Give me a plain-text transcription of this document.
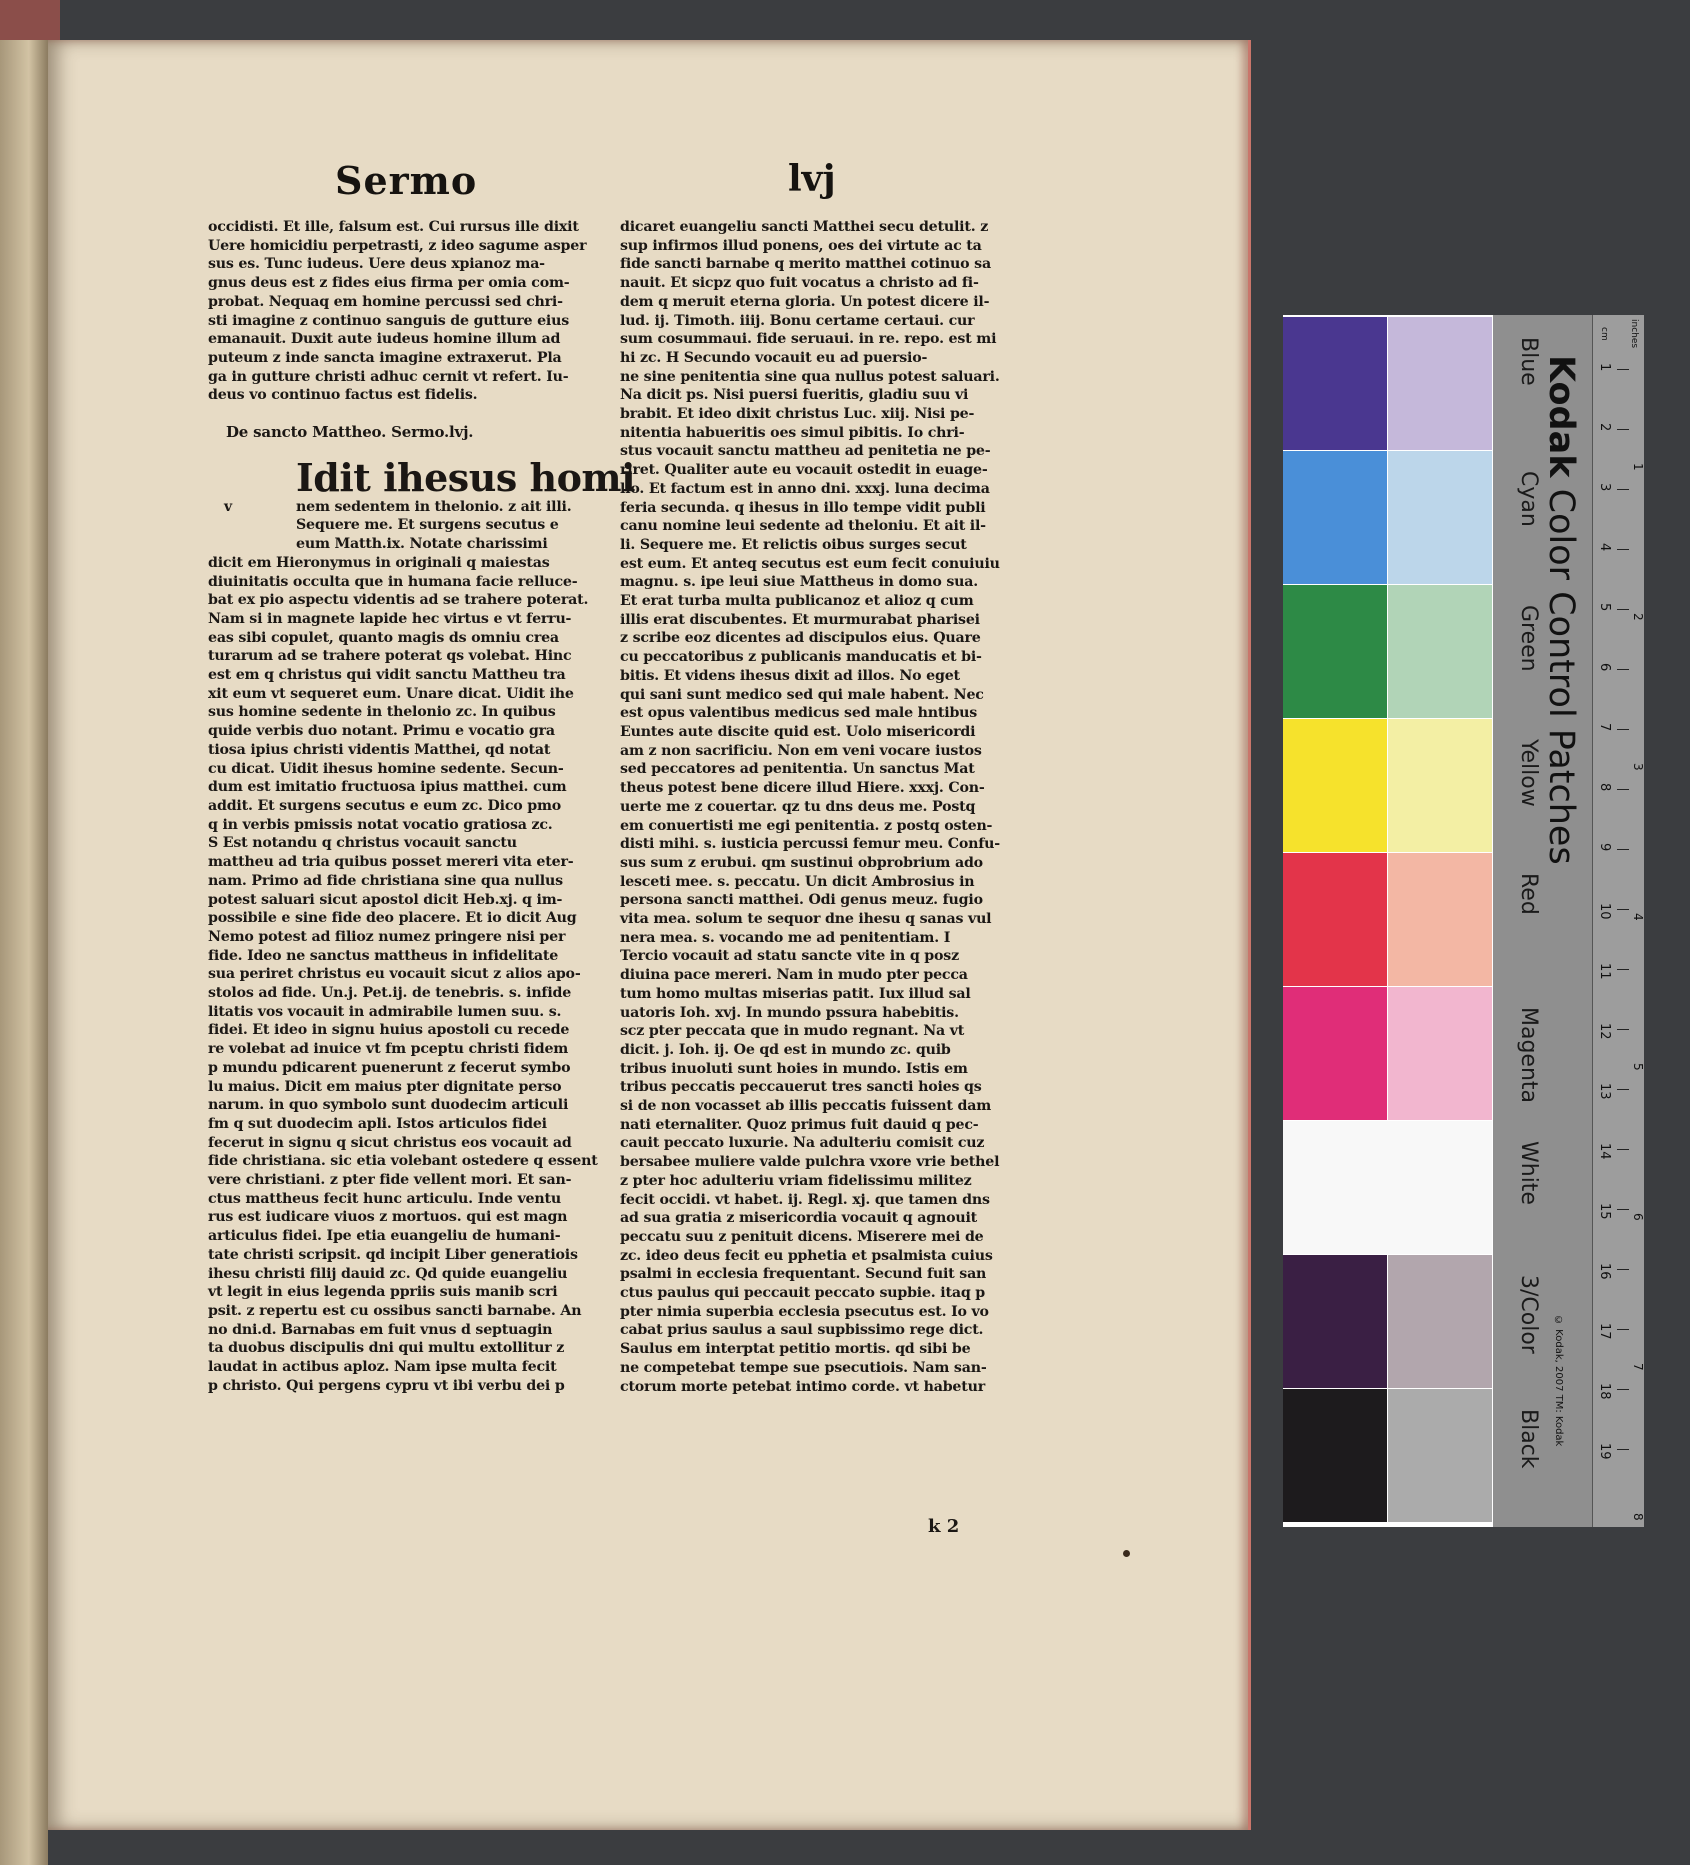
Sermo	lvj

occidisti. Et ille, falsum est. Cui rursus ille dixit

Uere homicidiu perpetrasti, z ideo sagume asper

sus es. Tunc iudeus. Uere deus xpianoz ma-

gnus deus est z fides eius firma per omia com-

probat. Nequaq em homine percussi sed chri-

sti imagine z continuo sanguis de gutture eius

emanauit. Duxit aute iudeus homine illum ad

puteum z inde sancta imagine extraxerut. Pla

ga in gutture christi adhuc cernit vt refert. Iu-

deus vo continuo factus est fidelis.

De sancto Mattheo. Sermo.lvj.

Idit ihesus homi

v	nem sedentem in thelonio. z ait illi.

Sequere me. Et surgens secutus e

eum Matth.ix. Notate charissimi

dicit em Hieronymus in originali q maiestas

diuinitatis occulta que in humana facie relluce-

bat ex pio aspectu videntis ad se trahere poterat.

Nam si in magnete lapide hec virtus e vt ferru-

eas sibi copulet, quanto magis ds omniu crea

turarum ad se trahere poterat qs volebat. Hinc

est em q christus qui vidit sanctu Mattheu tra

xit eum vt sequeret eum. Unare dicat. Uidit ihe

sus homine sedente in thelonio zc. In quibus

quide verbis duo notant. Primu e vocatio gra

tiosa ipius christi videntis Matthei, qd notat

cu dicat. Uidit ihesus homine sedente. Secun-

dum est imitatio fructuosa ipius matthei. cum

addit. Et surgens secutus e eum zc. Dico pmo

q in verbis pmissis notat vocatio gratiosa zc.

S Est notandu q christus vocauit sanctu

mattheu ad tria quibus posset mereri vita eter-

nam. Primo ad fide christiana sine qua nullus

potest saluari sicut apostol dicit Heb.xj. q im-

possibile e sine fide deo placere. Et io dicit Aug

Nemo potest ad filioz numez pringere nisi per

fide. Ideo ne sanctus mattheus in infidelitate

sua periret christus eu vocauit sicut z alios apo-

stolos ad fide. Un.j. Pet.ij. de tenebris. s. infide

litatis vos vocauit in admirabile lumen suu. s.

fidei. Et ideo in signu huius apostoli cu recede

re volebat ad inuice vt fm pceptu christi fidem

p mundu pdicarent puenerunt z fecerut symbo

lu maius. Dicit em maius pter dignitate perso

narum. in quo symbolo sunt duodecim articuli

fm q sut duodecim apli. Istos articulos fidei

fecerut in signu q sicut christus eos vocauit ad

fide christiana. sic etia volebant ostedere q essent

vere christiani. z pter fide vellent mori. Et san-

ctus mattheus fecit hunc articulu. Inde ventu

rus est iudicare viuos z mortuos. qui est magn

articulus fidei. Ipe etia euangeliu de humani-

tate christi scripsit. qd incipit Liber generatiois

ihesu christi filij dauid zc. Qd quide euangeliu

vt legit in eius legenda ppriis suis manib scri

psit. z repertu est cu ossibus sancti barnabe. An

no dni.d. Barnabas em fuit vnus d septuagin

ta duobus discipulis dni qui multu extollitur z

laudat in actibus aploz. Nam ipse multa fecit

p christo. Qui pergens cypru vt ibi verbu dei p

dicaret euangeliu sancti Matthei secu detulit. z

sup infirmos illud ponens, oes dei virtute ac ta

fide sancti barnabe q merito matthei cotinuo sa

nauit. Et sicpz quo fuit vocatus a christo ad fi-

dem q meruit eterna gloria. Un potest dicere il-

lud. ij. Timoth. iiij. Bonu certame certaui. cur

sum cosummaui. fide seruaui. in re. repo. est mi

hi zc. H Secundo vocauit eu ad puersio-

ne sine penitentia sine qua nullus potest saluari.

Na dicit ps. Nisi puersi fueritis, gladiu suu vi

brabit. Et ideo dixit christus Luc. xiij. Nisi pe-

nitentia habueritis oes simul pibitis. Io chri-

stus vocauit sanctu mattheu ad penitetia ne pe-

riret. Qualiter aute eu vocauit ostedit in euage-

lio. Et factum est in anno dni. xxxj. luna decima

feria secunda. q ihesus in illo tempe vidit publi

canu nomine leui sedente ad theloniu. Et ait il-

li. Sequere me. Et relictis oibus surges secut

est eum. Et anteq secutus est eum fecit conuiuiu

magnu. s. ipe leui siue Mattheus in domo sua.

Et erat turba multa publicanoz et alioz q cum

illis erat discubentes. Et murmurabat pharisei

z scribe eoz dicentes ad discipulos eius. Quare

cu peccatoribus z publicanis manducatis et bi-

bitis. Et videns ihesus dixit ad illos. No eget

qui sani sunt medico sed qui male habent. Nec

est opus valentibus medicus sed male hntibus

Euntes aute discite quid est. Uolo misericordi

am z non sacrificiu. Non em veni vocare iustos

sed peccatores ad penitentia. Un sanctus Mat

theus potest bene dicere illud Hiere. xxxj. Con-

uerte me z couertar. qz tu dns deus me. Postq

em conuertisti me egi penitentia. z postq osten-

disti mihi. s. iusticia percussi femur meu. Confu-

sus sum z erubui. qm sustinui obprobrium ado

lesceti mee. s. peccatu. Un dicit Ambrosius in

persona sancti matthei. Odi genus meuz. fugio

vita mea. solum te sequor dne ihesu q sanas vul

nera mea. s. vocando me ad penitentiam. I

Tercio vocauit ad statu sancte vite in q posz

diuina pace mereri. Nam in mudo pter pecca

tum homo multas miserias patit. Iux illud sal

uatoris Ioh. xvj. In mundo pssura habebitis.

scz pter peccata que in mudo regnant. Na vt

dicit. j. Ioh. ij. Oe qd est in mundo zc. quib

tribus inuoluti sunt hoies in mundo. Istis em

tribus peccatis peccauerut tres sancti hoies qs

si de non vocasset ab illis peccatis fuissent dam

nati eternaliter. Quoz primus fuit dauid q pec-

cauit peccato luxurie. Na adulteriu comisit cuz

bersabee muliere valde pulchra vxore vrie bethel

z pter hoc adulteriu vriam fidelissimu militez

fecit occidi. vt habet. ij. Regl. xj. que tamen dns

ad sua gratia z misericordia vocauit q agnouit

peccatu suu z penituit dicens. Miserere mei de

zc. ideo deus fecit eu pphetia et psalmista cuius

psalmi in ecclesia frequentant. Secund fuit san

ctus paulus qui peccauit peccato supbie. itaq p

pter nimia superbia ecclesia psecutus est. Io vo

cabat prius saulus a saul supbissimo rege dict.

Saulus em interptat petitio mortis. qd sibi be

ne competebat tempe sue psecutiois. Nam san-

ctorum morte petebat intimo corde. vt habetur

k 2
Kodak Color Control Patches
© Kodak, 2007 TM: Kodak
cm inches
1
2
3
4
5
6
7
8
9
10
11
12
13
14
15
16
17
18
19
1
2
3
4
5
6
7
8
Blue
Cyan
Green
Yellow
Red
Magenta
White
3/Color
Black
